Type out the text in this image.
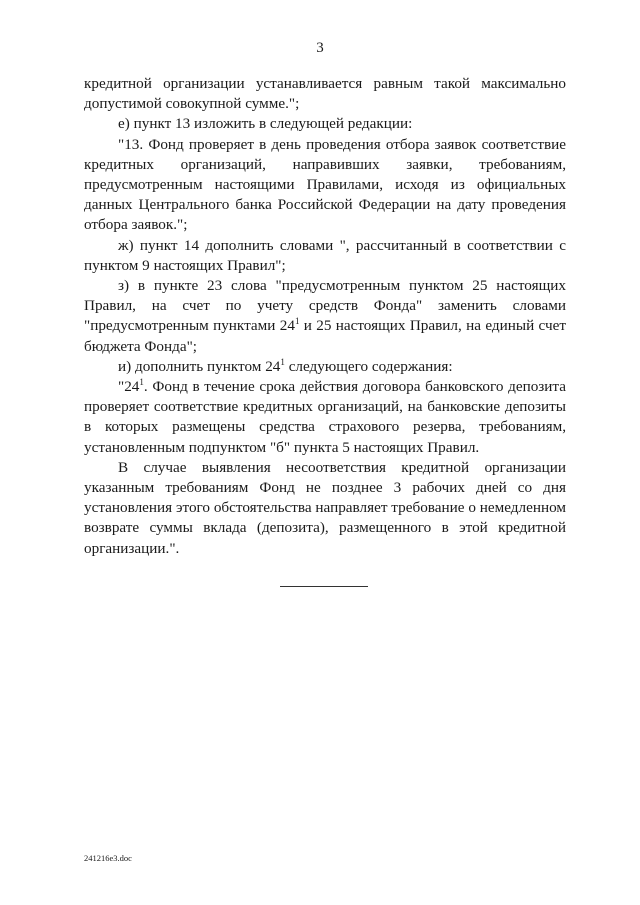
3

кредитной организации устанавливается равным такой максимально допустимой совокупной сумме.";

е) пункт 13 изложить в следующей редакции:

"13. Фонд проверяет в день проведения отбора заявок соответствие кредитных организаций, направивших заявки, требованиям, предусмотренным настоящими Правилами, исходя из официальных данных Центрального банка Российской Федерации на дату проведения отбора заявок.";

ж) пункт 14 дополнить словами ", рассчитанный в соответствии с пунктом 9 настоящих Правил";

з) в пункте 23 слова "предусмотренным пунктом 25 настоящих Правил, на счет по учету средств Фонда" заменить словами "предусмотренным пунктами $24^1$ и 25 настоящих Правил, на единый счет бюджета Фонда";

и) дополнить пунктом $24^1$ следующего содержания:

"$24^1$. Фонд в течение срока действия договора банковского депозита проверяет соответствие кредитных организаций, на банковские депозиты в которых размещены средства страхового резерва, требованиям, установленным подпунктом "б" пункта 5 настоящих Правил.

В случае выявления несоответствия кредитной организации указанным требованиям Фонд не позднее 3 рабочих дней со дня установления этого обстоятельства направляет требование о немедленном возврате суммы вклада (депозита), размещенного в этой кредитной организации.".

241216e3.doc
